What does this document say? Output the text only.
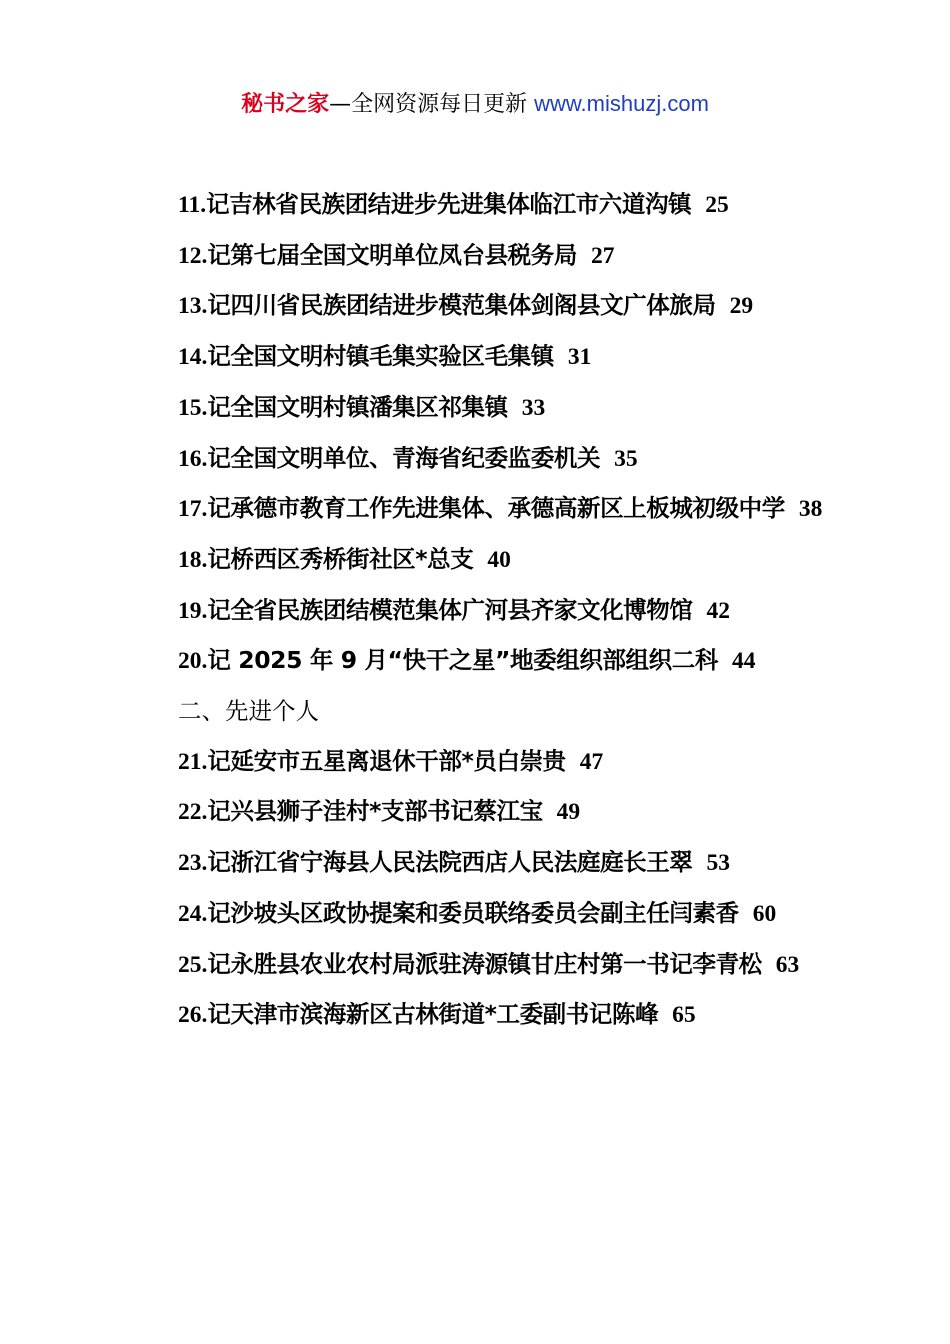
秘书之家—全网资源每日更新 www.mishuzj.com
11.记吉林省民族团结进步先进集体临江市六道沟镇 25
12.记第七届全国文明单位凤台县税务局 27
13.记四川省民族团结进步模范集体剑阁县文广体旅局 29
14.记全国文明村镇毛集实验区毛集镇 31
15.记全国文明村镇潘集区祁集镇 33
16.记全国文明单位、青海省纪委监委机关 35
17.记承德市教育工作先进集体、承德高新区上板城初级中学 38
18.记桥西区秀桥街社区*总支 40
19.记全省民族团结模范集体广河县齐家文化博物馆 42
20.记 2025 年 9 月“快干之星”地委组织部组织二科 44
二、先进个人
21.记延安市五星离退休干部*员白崇贵 47
22.记兴县狮子洼村*支部书记蔡江宝 49
23.记浙江省宁海县人民法院西店人民法庭庭长王翠 53
24.记沙坡头区政协提案和委员联络委员会副主任闫素香 60
25.记永胜县农业农村局派驻涛源镇甘庄村第一书记李青松 63
26.记天津市滨海新区古林街道*工委副书记陈峰 65
